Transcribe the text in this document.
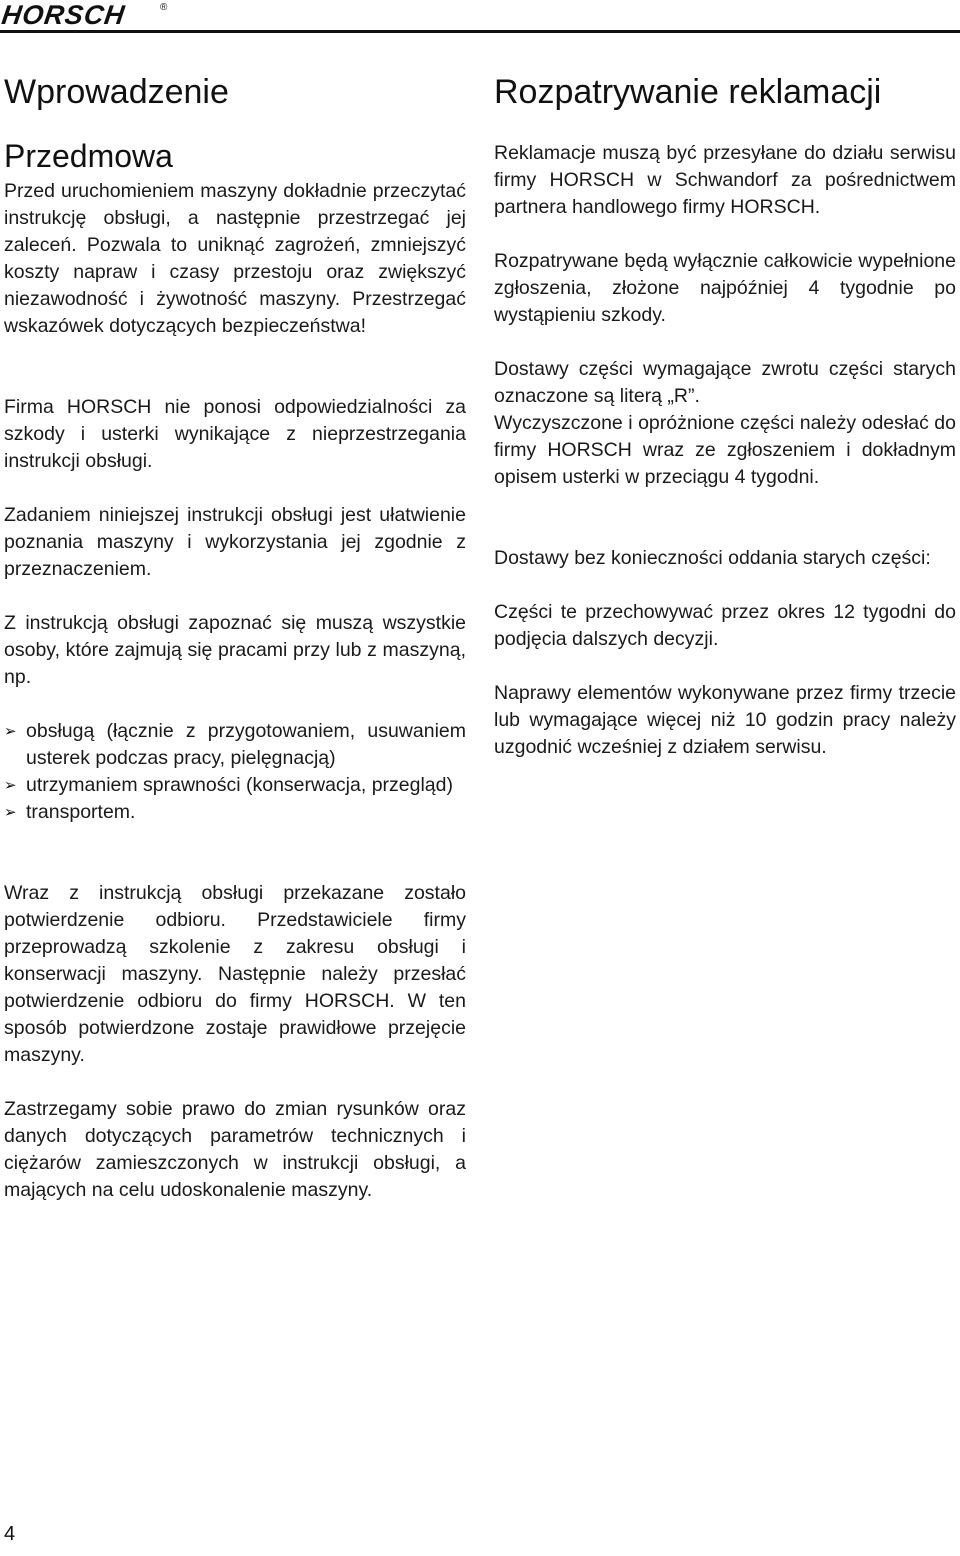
HORSCH	®
Wprowadzenie
Przedmowa

Przed uruchomieniem maszyny dokładnie przeczytać instrukcję obsługi, a następnie przestrzegać jej zaleceń. Pozwala to uniknąć zagrożeń, zmniejszyć koszty napraw i czasy przestoju oraz zwiększyć niezawodność i żywotność maszyny. Przestrzegać wskazówek dotyczących bezpieczeństwa!

Firma HORSCH nie ponosi odpowiedzialności za szkody i usterki wynikające z nieprzestrzegania instrukcji obsługi.

Zadaniem niniejszej instrukcji obsługi jest ułatwienie poznania maszyny i wykorzystania jej zgodnie z przeznaczeniem.

Z instrukcją obsługi zapoznać się muszą wszystkie osoby, które zajmują się pracami przy lub z maszyną, np.

➢ obsługą (łącznie z przygotowaniem, usuwaniem usterek podczas pracy, pielęgnacją)
➢ utrzymaniem sprawności (konserwacja, przegląd)
➢ transportem.

Wraz z instrukcją obsługi przekazane zostało potwierdzenie odbioru. Przedstawiciele firmy przeprowadzą szkolenie z zakresu obsługi i konserwacji maszyny. Następnie należy przesłać potwierdzenie odbioru do firmy HORSCH. W ten sposób potwierdzone zostaje prawidłowe przejęcie maszyny.

Zastrzegamy sobie prawo do zmian rysunków oraz danych dotyczących parametrów technicznych i ciężarów zamieszczonych w instrukcji obsługi, a mających na celu udoskonalenie maszyny.

Rozpatrywanie reklamacji

Reklamacje muszą być przesyłane do działu serwisu firmy HORSCH w Schwandorf za pośrednictwem partnera handlowego firmy HORSCH.

Rozpatrywane będą wyłącznie całkowicie wypełnione zgłoszenia, złożone najpóźniej 4 tygodnie po wystąpieniu szkody.

Dostawy części wymagające zwrotu części starych oznaczone są literą „R”.

Wyczyszczone i opróżnione części należy odesłać do firmy HORSCH wraz ze zgłoszeniem i dokładnym opisem usterki w przeciągu 4 tygodni.

Dostawy bez konieczności oddania starych części:

Części te przechowywać przez okres 12 tygodni do podjęcia dalszych decyzji.

Naprawy elementów wykonywane przez firmy trzecie lub wymagające więcej niż 10 godzin pracy należy uzgodnić wcześniej z działem serwisu.

4
